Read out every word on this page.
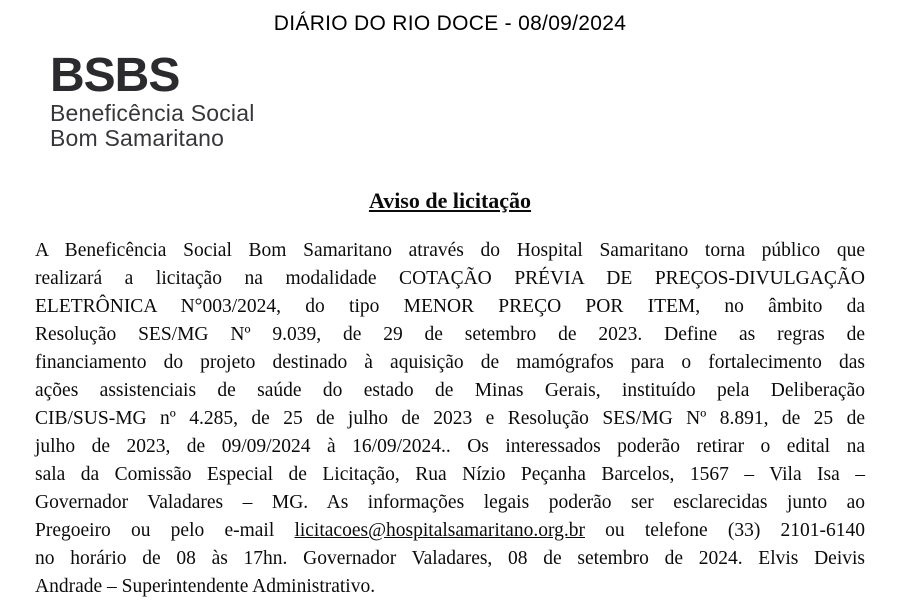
DIÁRIO DO RIO DOCE - 08/09/2024
BSBS
Beneficência Social
Bom Samaritano
Aviso de licitação
A Beneficência Social Bom Samaritano através do Hospital Samaritano torna público que
realizará a licitação na modalidade COTAÇÃO PRÉVIA DE PREÇOS-DIVULGAÇÃO
ELETRÔNICA N°003/2024, do tipo MENOR PREÇO POR ITEM, no âmbito da
Resolução SES/MG Nº 9.039, de 29 de setembro de 2023. Define as regras de
financiamento do projeto destinado à aquisição de mamógrafos para o fortalecimento das
ações assistenciais de saúde do estado de Minas Gerais, instituído pela Deliberação
CIB/SUS-MG nº 4.285, de 25 de julho de 2023 e Resolução SES/MG Nº 8.891, de 25 de
julho de 2023, de 09/09/2024 à 16/09/2024.. Os interessados poderão retirar o edital na
sala da Comissão Especial de Licitação, Rua Nízio Peçanha Barcelos, 1567 – Vila Isa –
Governador Valadares – MG. As informações legais poderão ser esclarecidas junto ao
Pregoeiro ou pelo e-mail licitacoes@hospitalsamaritano.org.br ou telefone (33) 2101-6140
no horário de 08 às 17hn. Governador Valadares, 08 de setembro de 2024. Elvis Deivis
Andrade – Superintendente Administrativo.
